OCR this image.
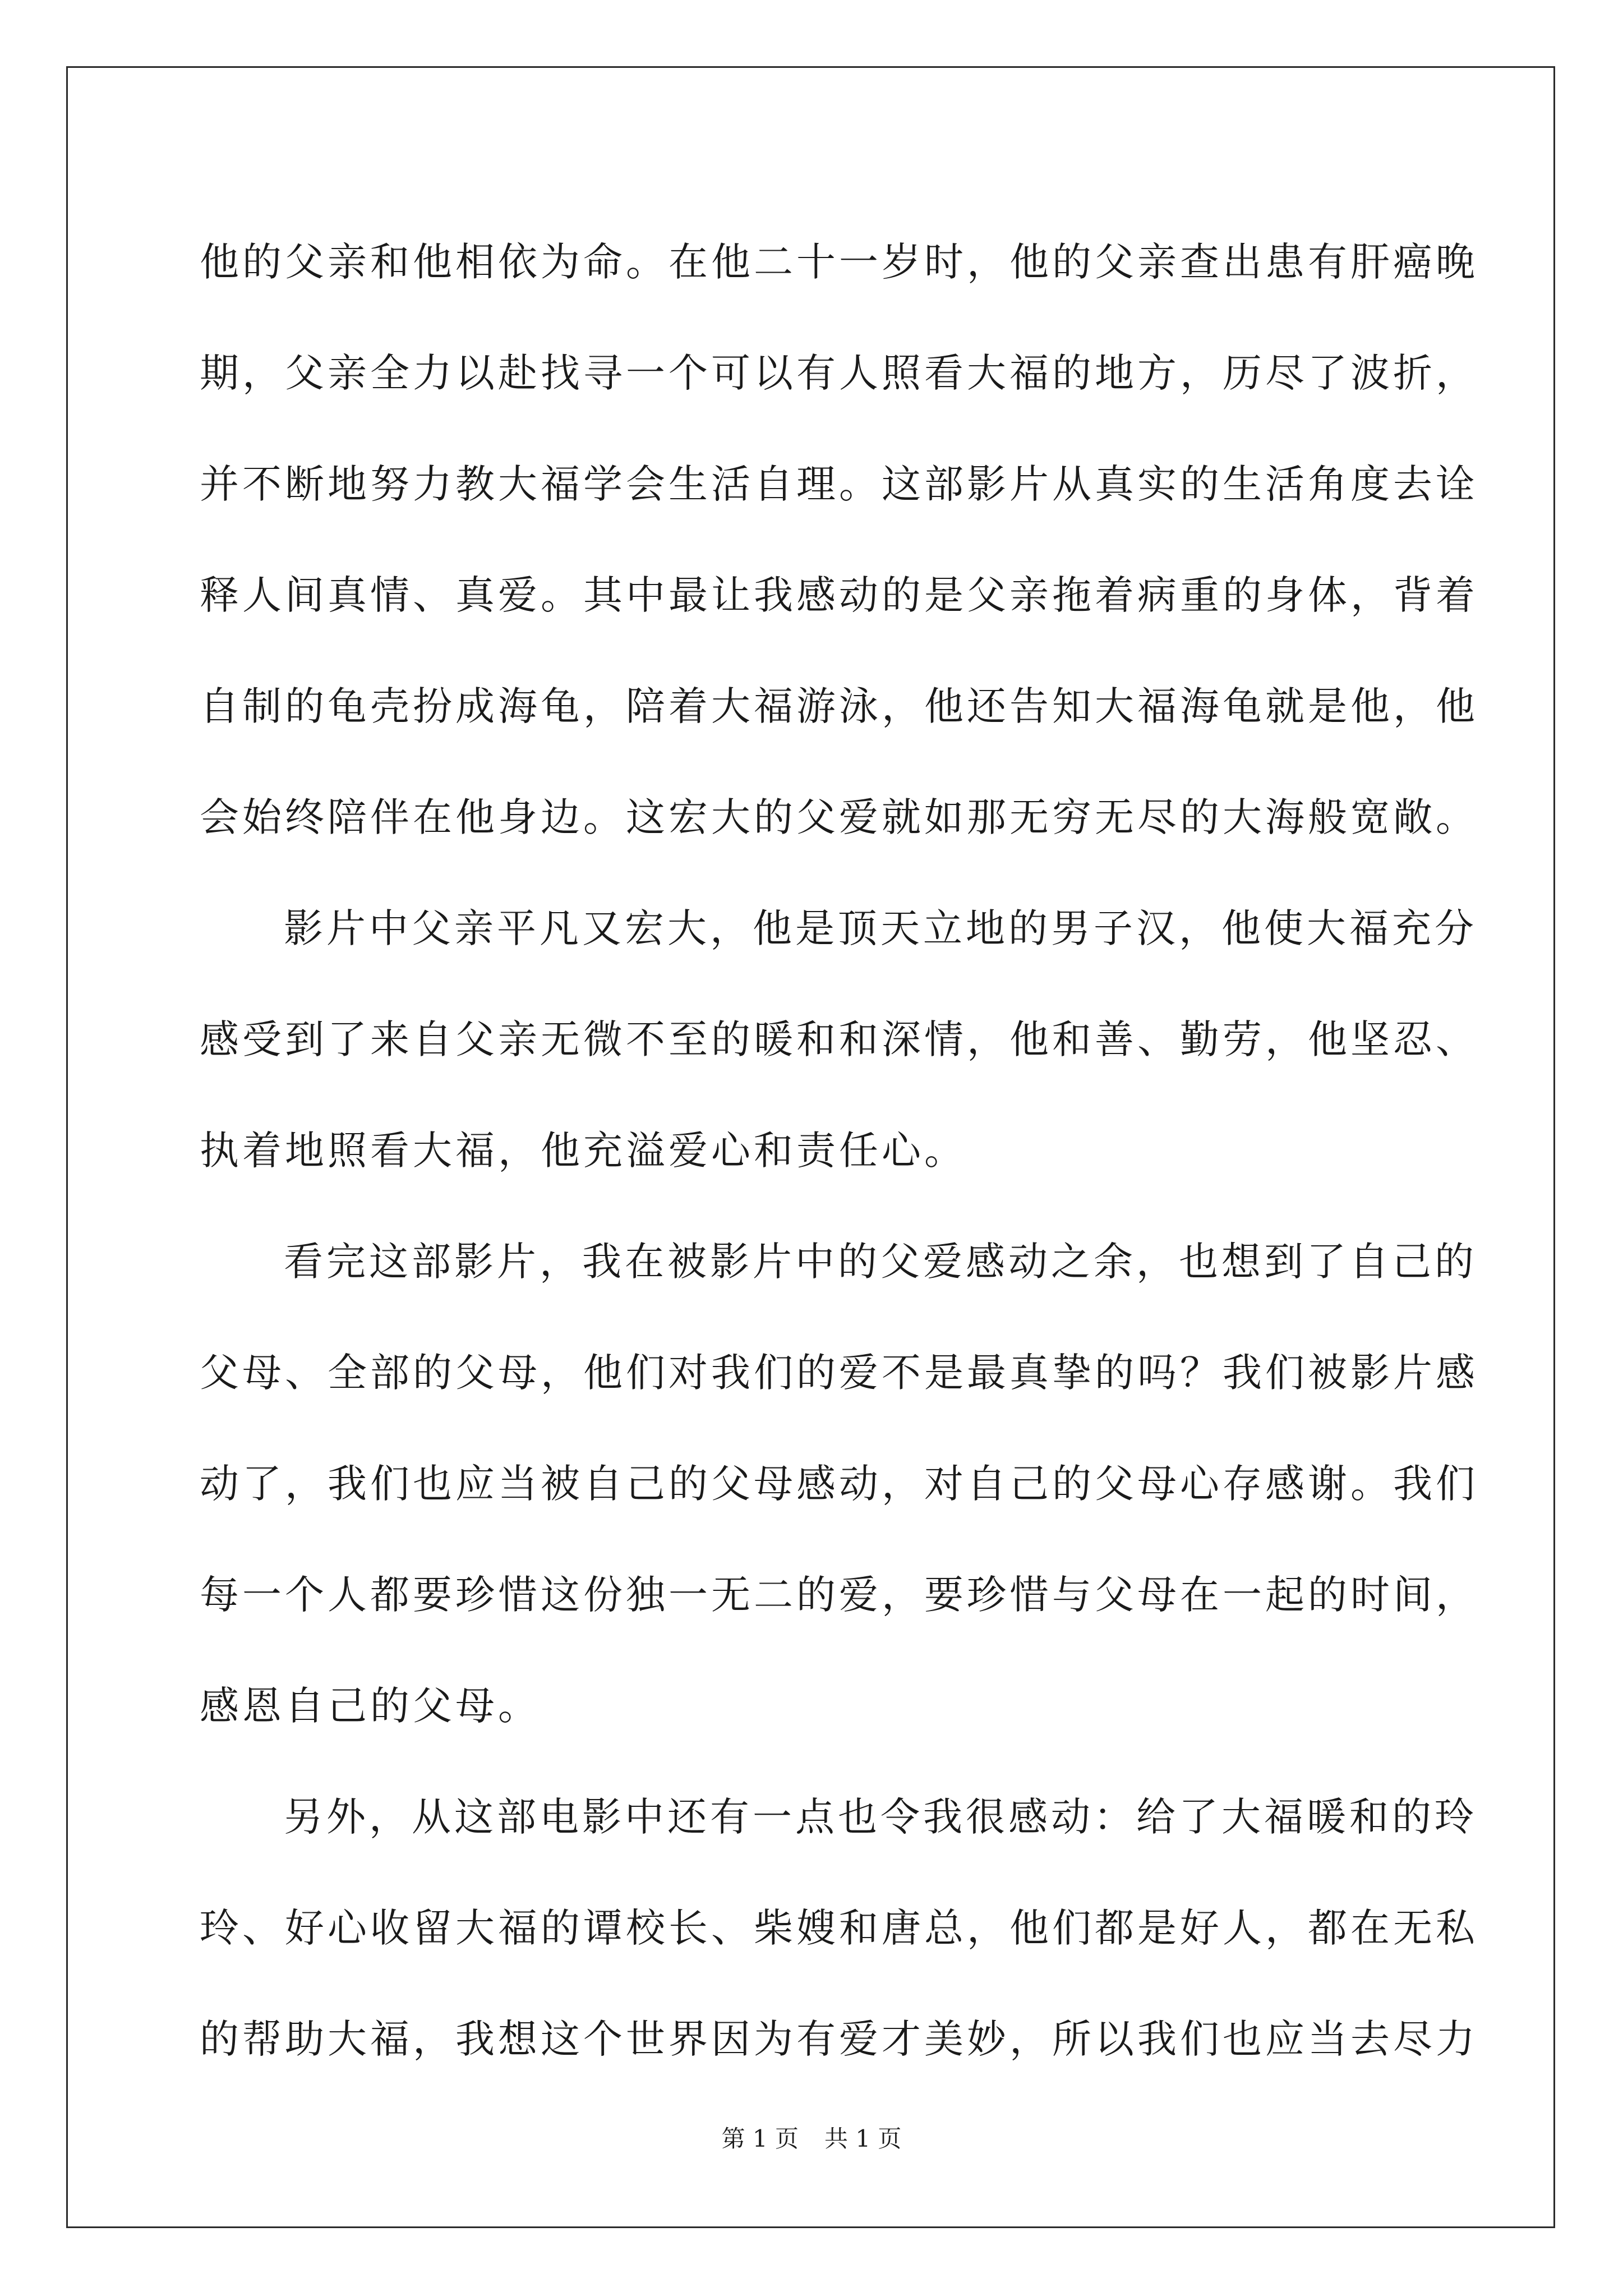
他的父亲和他相依为命。在他二十一岁时，他的父亲查出患有肝癌晚
期，父亲全力以赴找寻一个可以有人照看大福的地方，历尽了波折，
并不断地努力教大福学会生活自理。这部影片从真实的生活角度去诠
释人间真情、真爱。其中最让我感动的是父亲拖着病重的身体，背着
自制的龟壳扮成海龟，陪着大福游泳，他还告知大福海龟就是他，他
会始终陪伴在他身边。这宏大的父爱就如那无穷无尽的大海般宽敞。
影片中父亲平凡又宏大，他是顶天立地的男子汉，他使大福充分
感受到了来自父亲无微不至的暖和和深情，他和善、勤劳，他坚忍、
执着地照看大福，他充溢爱心和责任心。
看完这部影片，我在被影片中的父爱感动之余，也想到了自己的
父母、全部的父母，他们对我们的爱不是最真挚的吗？我们被影片感
动了，我们也应当被自己的父母感动，对自己的父母心存感谢。我们
每一个人都要珍惜这份独一无二的爱，要珍惜与父母在一起的时间，
感恩自己的父母。
另外，从这部电影中还有一点也令我很感动：给了大福暖和的玲
玲、好心收留大福的谭校长、柴嫂和唐总，他们都是好人，都在无私
的帮助大福，我想这个世界因为有爱才美妙，所以我们也应当去尽力
第 1 页 共 1 页
